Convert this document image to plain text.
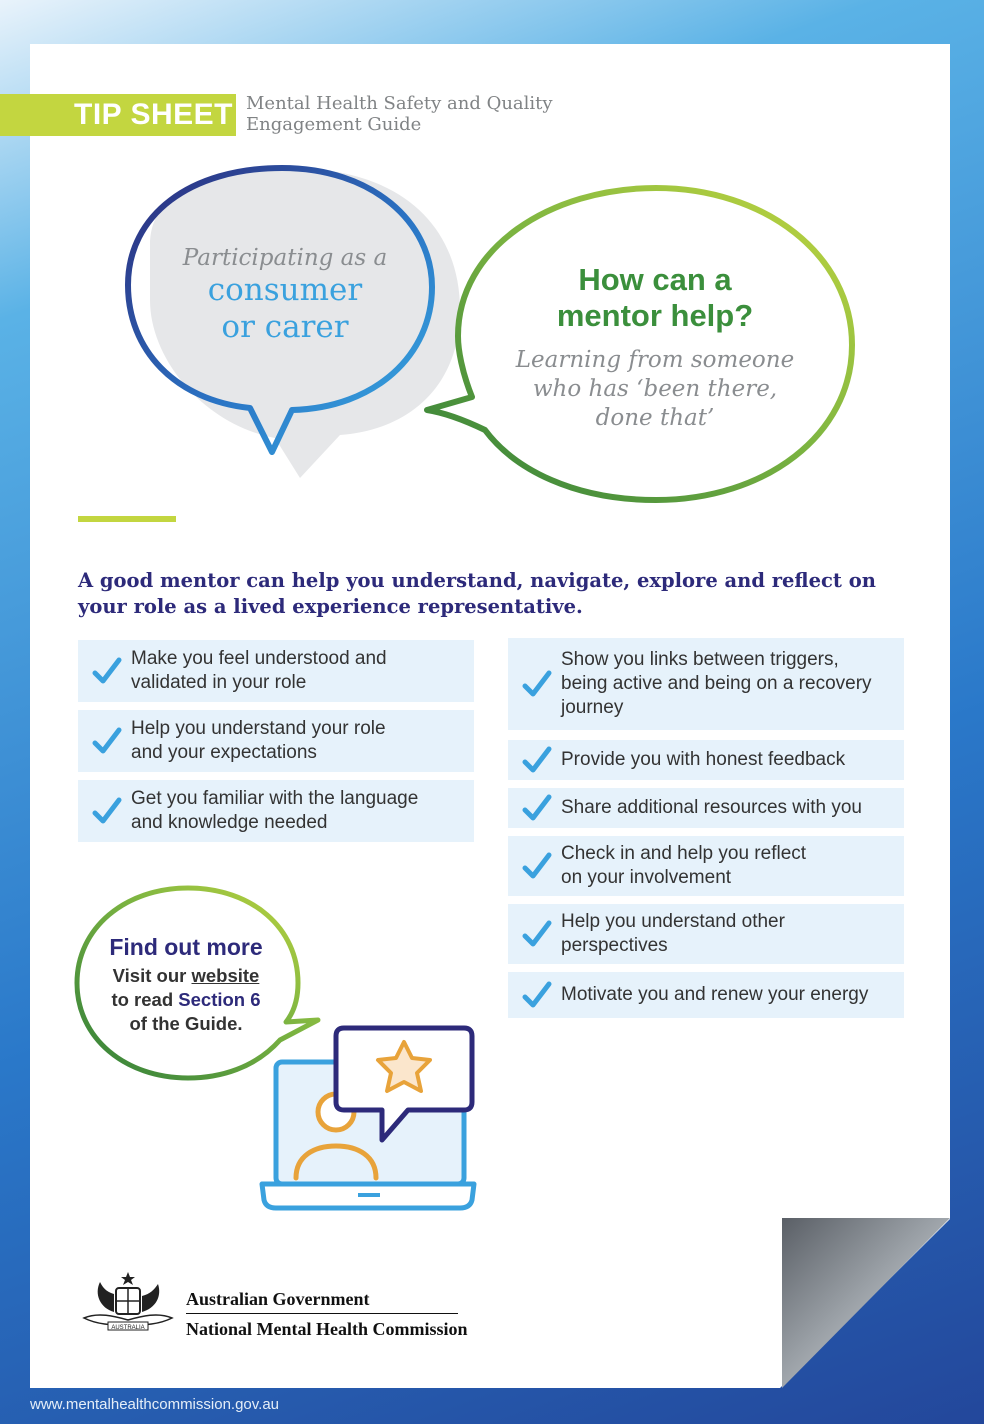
TIP SHEET Mental Health Safety and Quality
Engagement Guide
Participating as a
consumer
or carer
How can a
mentor help?
Learning from someone
who has ‘been there,
done that’
A good mentor can help you understand, navigate, explore and reflect on
your role as a lived experience representative.
Make you feel understood and
validated in your role
Help you understand your role
and your expectations
Get you familiar with the language
and knowledge needed
Show you links between triggers,
being active and being on a recovery
journey
Provide you with honest feedback
Share additional resources with you
Check in and help you reflect
on your involvement
Help you understand other
perspectives
Motivate you and renew your energy
Find out more
Visit our website
to read Section 6
of the Guide.
AUSTRALIA
Australian Government
National Mental Health Commission
www.mentalhealthcommission.gov.au
